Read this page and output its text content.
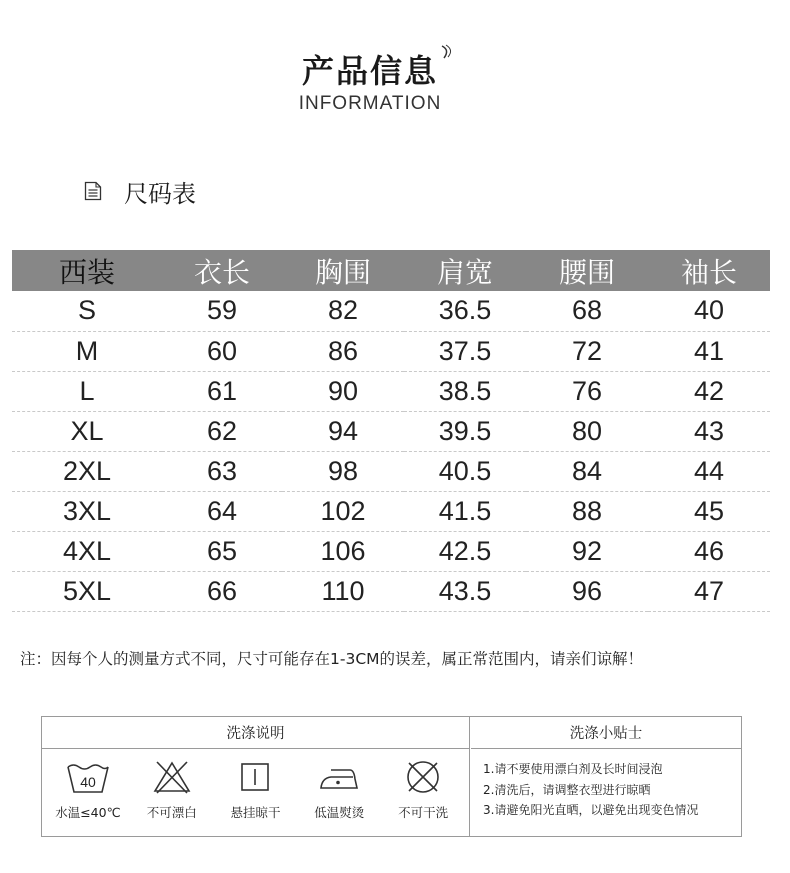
产品信息
INFORMATION
尺码表
西装	衣长	胸围	肩宽	腰围	袖长
S	59	82	36.5	68	40
M	60	86	37.5	72	41
L	61	90	38.5	76	42
XL	62	94	39.5	80	43
2XL	63	98	40.5	84	44
3XL	64	102	41.5	88	45
4XL	65	106	42.5	92	46
5XL	66	110	43.5	96	47
注：因每个人的测量方式不同，尺寸可能存在1-3CM的误差，属正常范围内，请亲们谅解！
洗涤说明
40
水温≤40℃	不可漂白	悬挂晾干	低温熨烫	不可干洗
洗涤小贴士
1.请不要使用漂白剂及长时间浸泡
2.清洗后，请调整衣型进行晾晒
3.请避免阳光直晒，以避免出现变色情况
